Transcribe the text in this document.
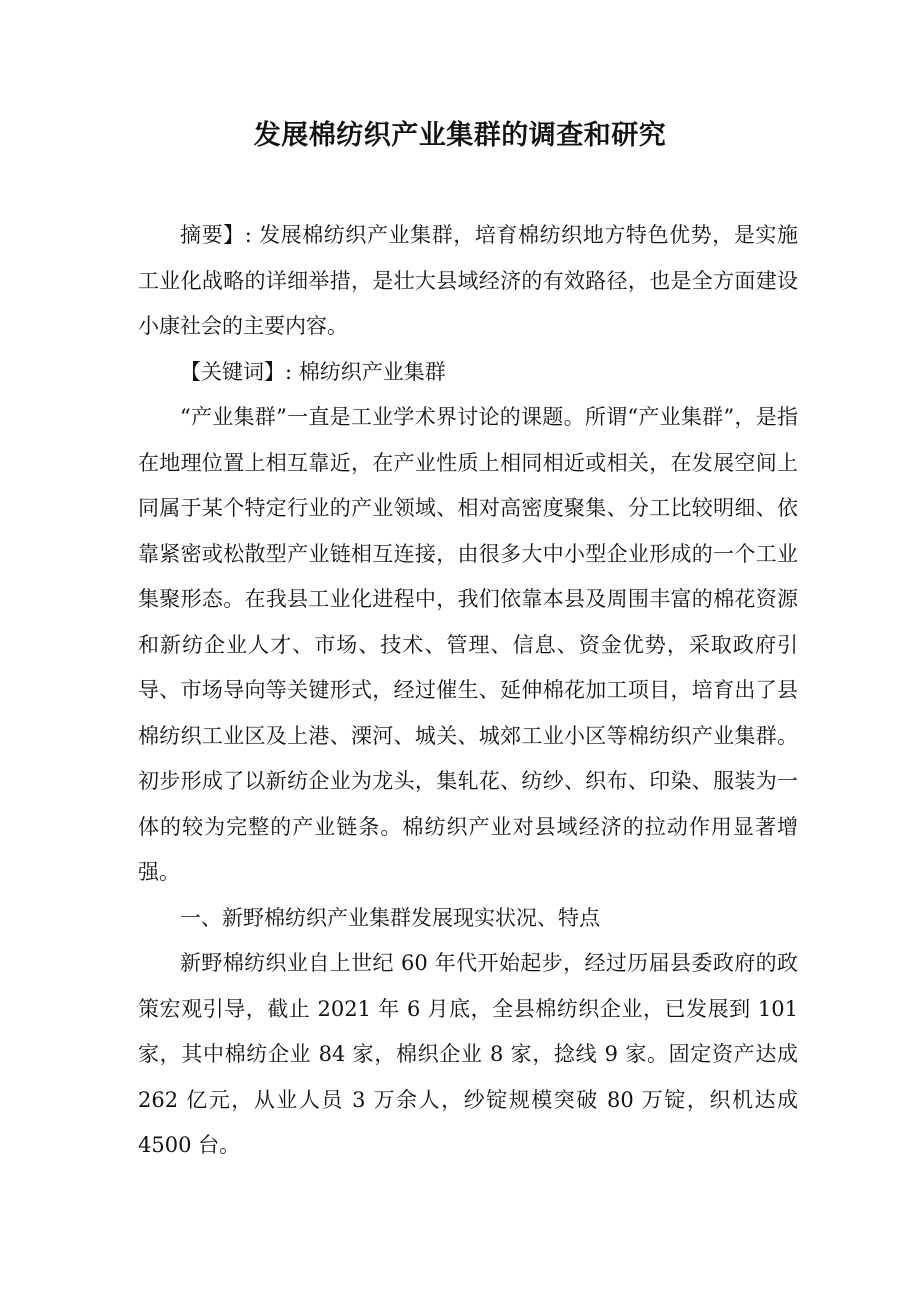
发展棉纺织产业集群的调查和研究

摘要】: 发展棉纺织产业集群，培育棉纺织地方特色优势，是实施工业化战略的详细举措，是壮大县域经济的有效路径，也是全方面建设小康社会的主要内容。

【关键词】: 棉纺织产业集群

“产业集群”一直是工业学术界讨论的课题。所谓“产业集群”，是指在地理位置上相互靠近，在产业性质上相同相近或相关，在发展空间上同属于某个特定行业的产业领域、相对高密度聚集、分工比较明细、依靠紧密或松散型产业链相互连接，由很多大中小型企业形成的一个工业集聚形态。在我县工业化进程中，我们依靠本县及周围丰富的棉花资源和新纺企业人才、市场、技术、管理、信息、资金优势，采取政府引导、市场导向等关键形式，经过催生、延伸棉花加工项目，培育出了县棉纺织工业区及上港、溧河、城关、城郊工业小区等棉纺织产业集群。初步形成了以新纺企业为龙头，集轧花、纺纱、织布、印染、服装为一体的较为完整的产业链条。棉纺织产业对县域经济的拉动作用显著增强。

一、新野棉纺织产业集群发展现实状况、特点

新野棉纺织业自上世纪 60 年代开始起步，经过历届县委政府的政策宏观引导，截止 2021 年 6 月底，全县棉纺织企业，已发展到 101 家，其中棉纺企业 84 家，棉织企业 8 家，捻线 9 家。固定资产达成 262 亿元，从业人员 3 万余人，纱锭规模突破 80 万锭，织机达成 4500 台。
